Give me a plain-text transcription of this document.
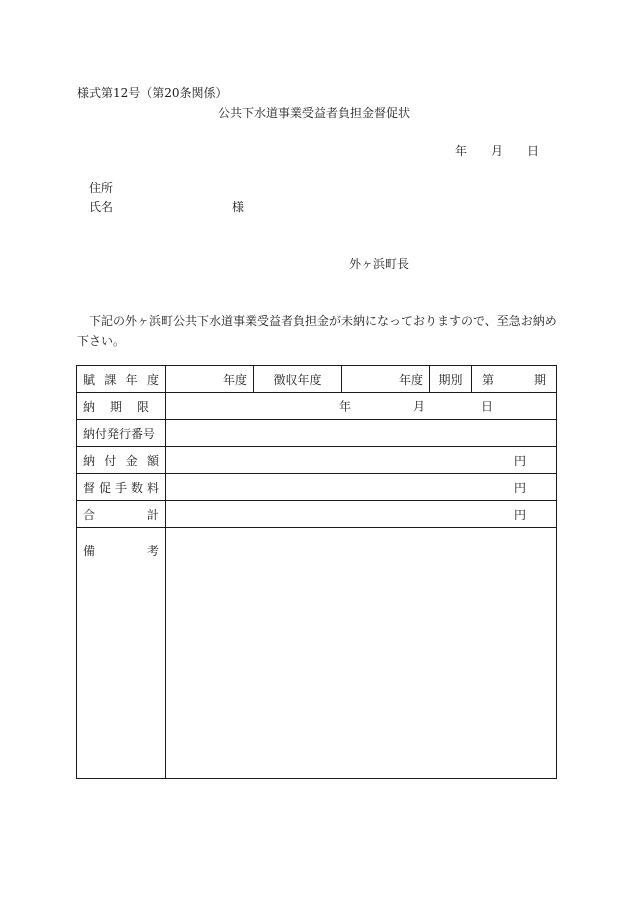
様式第12号（第20条関係）
公共下水道事業受益者負担金督促状
年 月 日
住所
氏名	様
外ヶ浜町長
　下記の外ヶ浜町公共下水道事業受益者負担金が未納になっておりますので、至急お納め下さい。
賦 課 年 度	年度	徴収年度	年度	期別	第 期

納 期 限	年 月 日				

納付発行番号					

納 付 金 額	円				

督 促 手 数 料	円				

合 計	円				

備 考					
